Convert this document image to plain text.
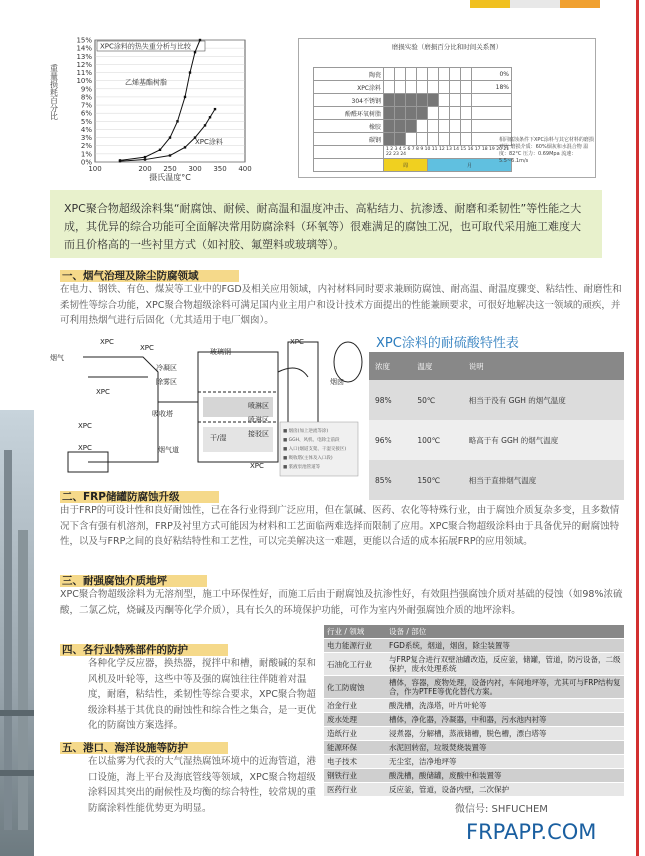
0%
1%
2%
3%
4%
5%
6%
7%
8%
9%
10%
11%
12%
13%
14%
15%
100	200 250 300 350 400
摄氏温度°C
重量损耗百分比
XPC涂料的热失重分析与比较
乙烯基酯树脂
XPC涂料
磨损实验（磨损百分比和时间关系图）
陶瓷									0%
XPC涂料									18%
304不锈钢									
酚醛环氧树脂									
橡胶									
碳钢									
	1 2 3 4 5 6 7 8 9 10 11 12 13 14 15 16 17 18 19 20 21 22 23 24								
	周				月				
相同腐蚀条件下XPC涂料与其它材料的磨损对比 磨损介质：60%烟灰和水混合物 温度：82°C 压力：0.69Mpa 流速：5.5~6.1m/s
XPC聚合物超级涂料集“耐腐蚀、耐候、耐高温和温度冲击、高粘结力、抗渗透、耐磨和柔韧性”等性能之大成，其优异的综合功能可全面解决常用防腐涂料（环氧等）很难满足的腐蚀工况，也可取代采用施工难度大而且价格高的一些衬里方式（如衬胶、氟塑料或玻璃等）。
一、烟气治理及除尘防腐领域
在电力、钢铁、有色、煤炭等工业中的FGD及相关应用领域，内衬材料同时要求兼顾防腐蚀、耐高温、耐温度骤变、粘结性、耐磨性和柔韧性等综合功能，XPC聚合物超级涂料可满足国内业主用户和设计技术方面提出的性能兼顾要求，可很好地解决这一领域的顽疾，并可利用热烟气进行后固化（尤其适用于电厂烟囱）。
■ 烟囱(加上逆流等涂)
■ GGH、风机、电除尘前段
■ 入口(烟道支架、干湿交接区)
■ 吸收塔(主体及入口段)
■ 浆液泵池管道等
XPC
XPC	玻璃钢
XPC
烟气
冷凝区
除雾区	烟囱
XPC
喷淋区
XPC
XPC
接驳区
烟气道
吸收塔
干/湿
喷淋区
XPC
XPC涂料的耐硫酸特性表
浓度	温度	说明
98%	50℃	相当于没有 GGH 的烟气温度
96%	100℃	略高于有 GGH 的烟气温度
85%	150℃	相当于直排烟气温度
二、FRP储罐防腐蚀升级
由于FRP的可设计性和良好耐蚀性，已在各行业得到广泛应用，但在氯碱、医药、农化等特殊行业，由于腐蚀介质复杂多变，且多数情况下含有强有机溶剂，FRP及衬里方式可能因为材料和工艺面临两难选择而限制了应用。XPC聚合物超级涂料由于具备优异的耐腐蚀特性，以及与FRP之间的良好粘结特性和工艺性，可以完美解决这一难题，更能以合适的成本拓展FRP的应用领域。
三、耐强腐蚀介质地坪
XPC聚合物超级涂料为无溶剂型，施工中环保性好，而施工后由于耐腐蚀及抗渗性好，有效阻挡强腐蚀介质对基础的侵蚀（如98%浓硫酸，二氯乙烷，烧碱及丙酮等化学介质），具有长久的环境保护功能，可作为室内外耐强腐蚀介质的地坪涂料。
四、各行业特殊部件的防护
各种化学反应器，换热器，搅拌中和槽，耐酸碱的泵和风机及叶轮等，这些中等及强的腐蚀往往伴随着对温度，耐磨，粘结性，柔韧性等综合要求，XPC聚合物超级涂料基于其优良的耐蚀性和综合性之集合，是一更优化的防腐蚀方案选择。
五、港口、海洋设施等防护
在以盐雾为代表的大气湿热腐蚀环境中的近海管道，港口设施，海上平台及海底管线等领域，XPC聚合物超级涂料因其突出的耐候性及均衡的综合特性，较常规的重防腐涂料性能优势更为明显。
行业 / 领域	设备 / 部位
电力能源行业	FGD系统，烟道，烟囱，除尘装置等
石油化工行业	与FRP复合进行双壁油罐改造，反应釜，储罐，管道，防污设备，二级保护，废水处理系统
化工防腐蚀	槽体，容器，废物处理，设备内衬，车间地坪等，尤其可与FRP结构复合，作为PTFE等优化替代方案。
冶金行业	酸洗槽，洗涤塔，叶片叶轮等
废水处理	槽体，净化器，冷凝器，中和器，污水池内衬等
造纸行业	浸煮器，分解槽，蒸液储槽，脱色槽，漂白塔等
能源环保	水泥回转窑，垃圾焚烧装置等
电子技术	无尘室，洁净地坪等
钢铁行业	酸洗槽，酸储罐，废酸中和装置等
医药行业	反应釜，管道，设备内壁，二次保护
微信号: SHFUCHEM
FRPAPP.COM
